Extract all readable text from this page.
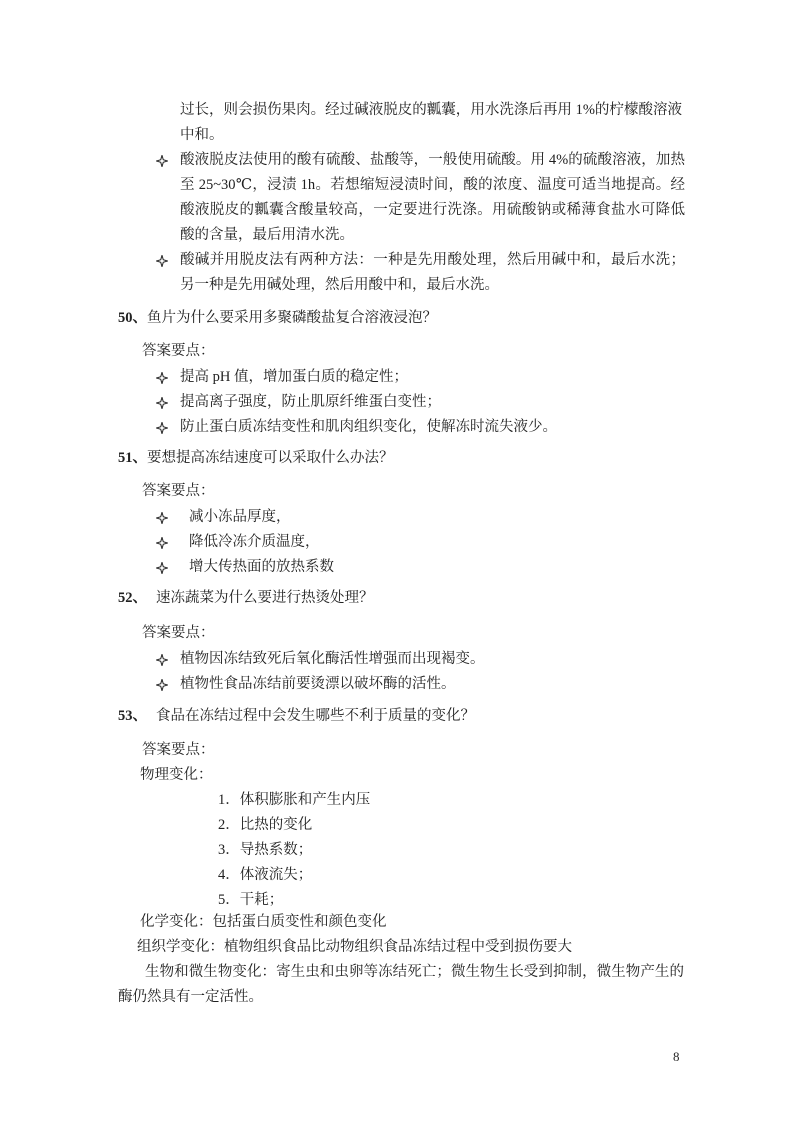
过长，则会损伤果肉。经过碱液脱皮的瓤囊，用水洗涤后再用 1%的柠檬酸溶液中和。

酸液脱皮法使用的酸有硫酸、盐酸等，一般使用硫酸。用 4%的硫酸溶液，加热至 25~30℃，浸渍 1h。若想缩短浸渍时间，酸的浓度、温度可适当地提高。经酸液脱皮的瓤囊含酸量较高，一定要进行洗涤。用硫酸钠或稀薄食盐水可降低酸的含量，最后用清水洗。

酸碱并用脱皮法有两种方法：一种是先用酸处理，然后用碱中和，最后水洗；另一种是先用碱处理，然后用酸中和，最后水洗。

50、鱼片为什么要采用多聚磷酸盐复合溶液浸泡？
答案要点：

提高 pH 值，增加蛋白质的稳定性；

提高离子强度，防止肌原纤维蛋白变性；

防止蛋白质冻结变性和肌肉组织变化，使解冻时流失液少。

51、要想提高冻结速度可以采取什么办法？
答案要点：

减小冻品厚度，

降低冷冻介质温度，

增大传热面的放热系数

52、 速冻蔬菜为什么要进行热烫处理？
答案要点：

植物因冻结致死后氧化酶活性增强而出现褐变。

植物性食品冻结前要烫漂以破坏酶的活性。

53、 食品在冻结过程中会发生哪些不利于质量的变化？
答案要点：
物理变化：
1．体积膨胀和产生内压
2．比热的变化
3．导热系数；
4．体液流失；
5．干耗；
化学变化：包括蛋白质变性和颜色变化
组织学变化：植物组织食品比动物组织食品冻结过程中受到损伤要大

生物和微生物变化：寄生虫和虫卵等冻结死亡；微生物生长受到抑制，微生物产生的酶仍然具有一定活性。

8
